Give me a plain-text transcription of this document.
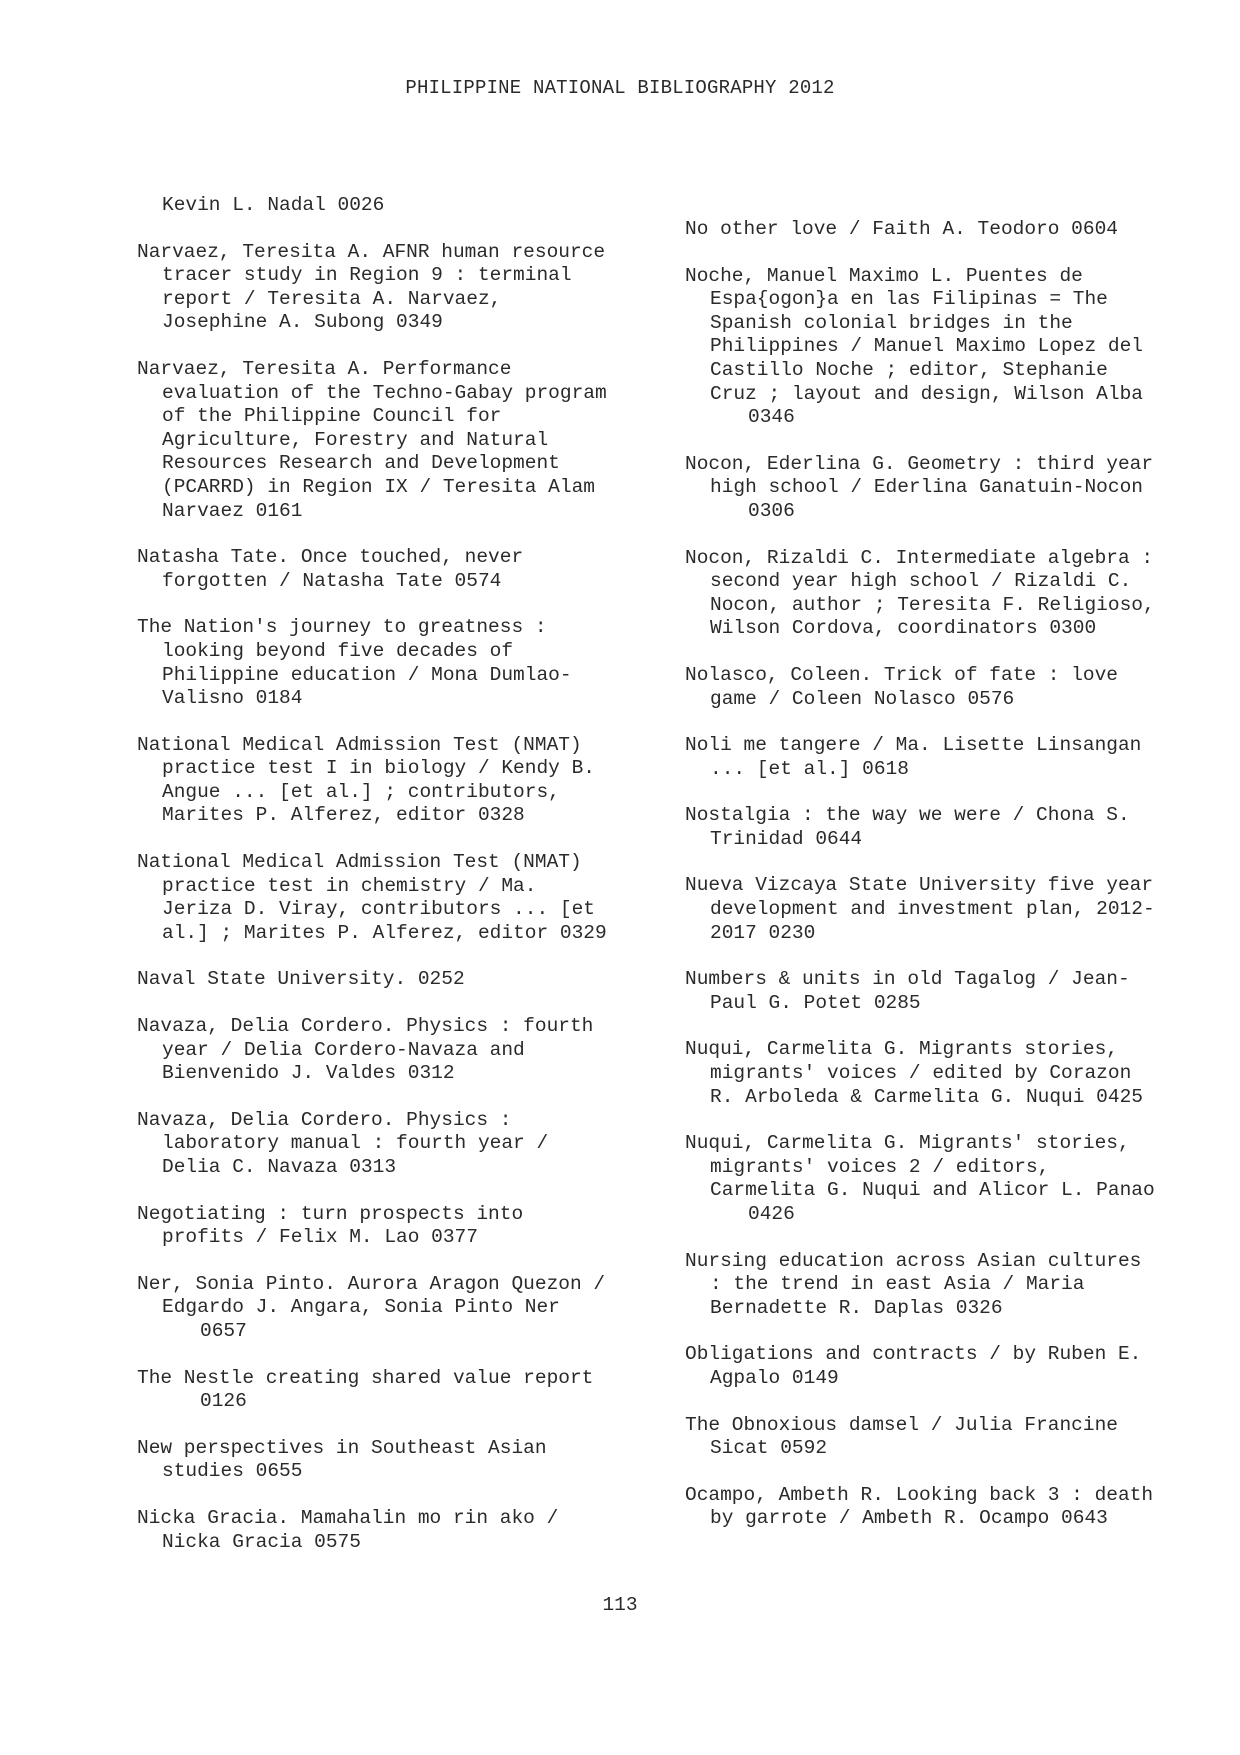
PHILIPPINE NATIONAL BIBLIOGRAPHY 2012
Kevin L. Nadal 0026
Narvaez, Teresita A. AFNR human resource
tracer study in Region 9 : terminal
report / Teresita A. Narvaez,
Josephine A. Subong 0349
Narvaez, Teresita A. Performance
evaluation of the Techno-Gabay program
of the Philippine Council for
Agriculture, Forestry and Natural
Resources Research and Development
(PCARRD) in Region IX / Teresita Alam
Narvaez 0161
Natasha Tate. Once touched, never
forgotten / Natasha Tate 0574
The Nation's journey to greatness :
looking beyond five decades of
Philippine education / Mona Dumlao-
Valisno 0184
National Medical Admission Test (NMAT)
practice test I in biology / Kendy B.
Angue ... [et al.] ; contributors,
Marites P. Alferez, editor 0328
National Medical Admission Test (NMAT)
practice test in chemistry / Ma.
Jeriza D. Viray, contributors ... [et
al.] ; Marites P. Alferez, editor 0329
Naval State University. 0252
Navaza, Delia Cordero. Physics : fourth
year / Delia Cordero-Navaza and
Bienvenido J. Valdes 0312
Navaza, Delia Cordero. Physics :
laboratory manual : fourth year /
Delia C. Navaza 0313
Negotiating : turn prospects into
profits / Felix M. Lao 0377
Ner, Sonia Pinto. Aurora Aragon Quezon /
Edgardo J. Angara, Sonia Pinto Ner
0657
The Nestle creating shared value report
0126
New perspectives in Southeast Asian
studies 0655
Nicka Gracia. Mamahalin mo rin ako /
Nicka Gracia 0575
No other love / Faith A. Teodoro 0604
Noche, Manuel Maximo L. Puentes de
Espa{ogon}a en las Filipinas = The
Spanish colonial bridges in the
Philippines / Manuel Maximo Lopez del
Castillo Noche ; editor, Stephanie
Cruz ; layout and design, Wilson Alba
0346
Nocon, Ederlina G. Geometry : third year
high school / Ederlina Ganatuin-Nocon
0306
Nocon, Rizaldi C. Intermediate algebra :
second year high school / Rizaldi C.
Nocon, author ; Teresita F. Religioso,
Wilson Cordova, coordinators 0300
Nolasco, Coleen. Trick of fate : love
game / Coleen Nolasco 0576
Noli me tangere / Ma. Lisette Linsangan
... [et al.] 0618
Nostalgia : the way we were / Chona S.
Trinidad 0644
Nueva Vizcaya State University five year
development and investment plan, 2012-
2017 0230
Numbers & units in old Tagalog / Jean-
Paul G. Potet 0285
Nuqui, Carmelita G. Migrants stories,
migrants' voices / edited by Corazon
R. Arboleda & Carmelita G. Nuqui 0425
Nuqui, Carmelita G. Migrants' stories,
migrants' voices 2 / editors,
Carmelita G. Nuqui and Alicor L. Panao
0426
Nursing education across Asian cultures
: the trend in east Asia / Maria
Bernadette R. Daplas 0326
Obligations and contracts / by Ruben E.
Agpalo 0149
The Obnoxious damsel / Julia Francine
Sicat 0592
Ocampo, Ambeth R. Looking back 3 : death
by garrote / Ambeth R. Ocampo 0643
113
